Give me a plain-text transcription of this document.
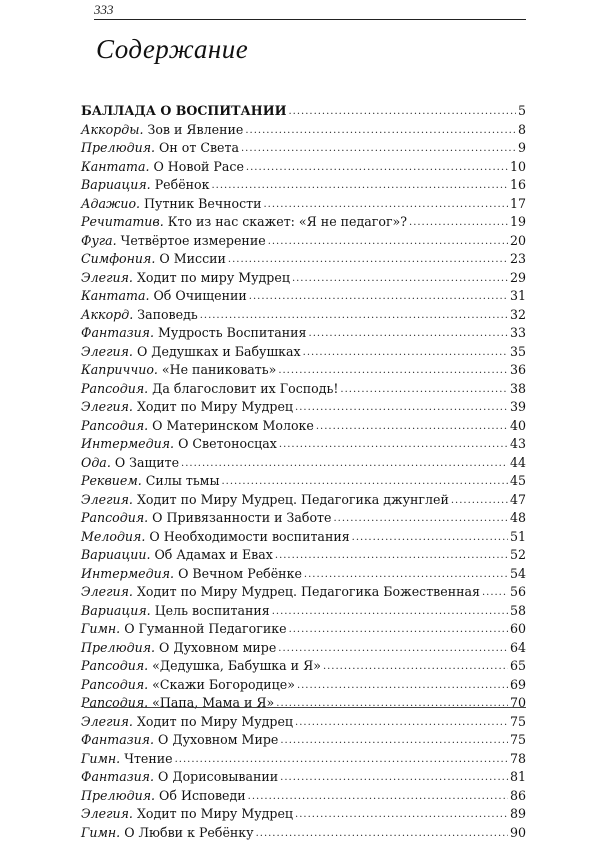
333
Содержание
БАЛЛАДА О ВОСПИТАНИИ .....	5
Аккорды. Зов и Явление .....	8
Прелюдия. Он от Света .....	9
Кантата. О Новой Расе .....	10
Вариация. Ребёнок .....	16
Адажио. Путник Вечности .....	17
Речитатив. Кто из нас скажет: «Я не педагог»? .....	19
Фуга. Четвёртое измерение .....	20
Симфония. О Миссии .....	23
Элегия. Ходит по миру Мудрец .....	29
Кантата. Об Очищении .....	31
Аккорд. Заповедь .....	32
Фантазия. Мудрость Воспитания .....	33
Элегия. О Дедушках и Бабушках .....	35
Каприччио. «Не паниковать» .....	36
Рапсодия. Да благословит их Господь! .....	38
Элегия. Ходит по Миру Мудрец .....	39
Рапсодия. О Материнском Молоке .....	40
Интермедия. О Светоносцах .....	43
Ода. О Защите .....	44
Реквием. Силы тьмы .....	45
Элегия. Ходит по Миру Мудрец. Педагогика джунглей .....	47
Рапсодия. О Привязанности и Заботе .....	48
Мелодия. О Необходимости воспитания .....	51
Вариации. Об Адамах и Евах .....	52
Интермедия. О Вечном Ребёнке .....	54
Элегия. Ходит по Миру Мудрец. Педагогика Божественная ..... 56
Вариация. Цель воспитания .....	58
Гимн. О Гуманной Педагогике .....	60
Прелюдия. О Духовном мире .....	64
Рапсодия. «Дедушка, Бабушка и Я» .....	65
Рапсодия. «Скажи Богородице» .....	69
Рапсодия. «Папа, Мама и Я» .....	70
Элегия. Ходит по Миру Мудрец .....	75
Фантазия. О Духовном Мире .....	75
Гимн. Чтение .....	78
Фантазия. О Дорисовывании .....	81
Прелюдия. Об Исповеди .....	86
Элегия. Ходит по Миру Мудрец .....	89
Гимн. О Любви к Ребёнку .....	90
